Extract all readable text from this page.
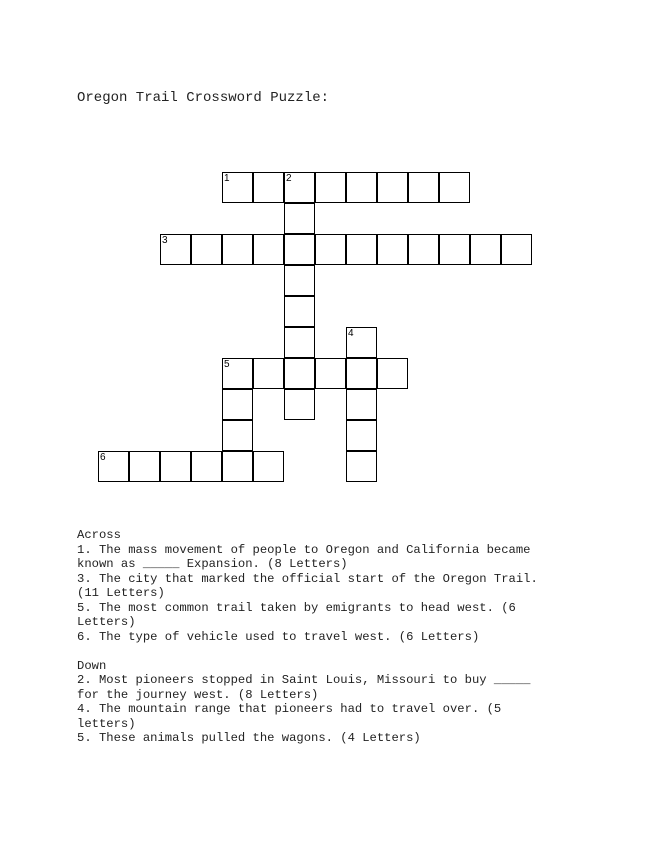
Oregon Trail Crossword Puzzle:
1	2
3
4
5
6
Across
1. The mass movement of people to Oregon and California became
known as _____ Expansion. (8 Letters)
3. The city that marked the official start of the Oregon Trail.
(11 Letters)
5. The most common trail taken by emigrants to head west. (6
Letters)
6. The type of vehicle used to travel west. (6 Letters)
Down
2. Most pioneers stopped in Saint Louis, Missouri to buy _____
for the journey west. (8 Letters)
4. The mountain range that pioneers had to travel over. (5
letters)
5. These animals pulled the wagons. (4 Letters)
